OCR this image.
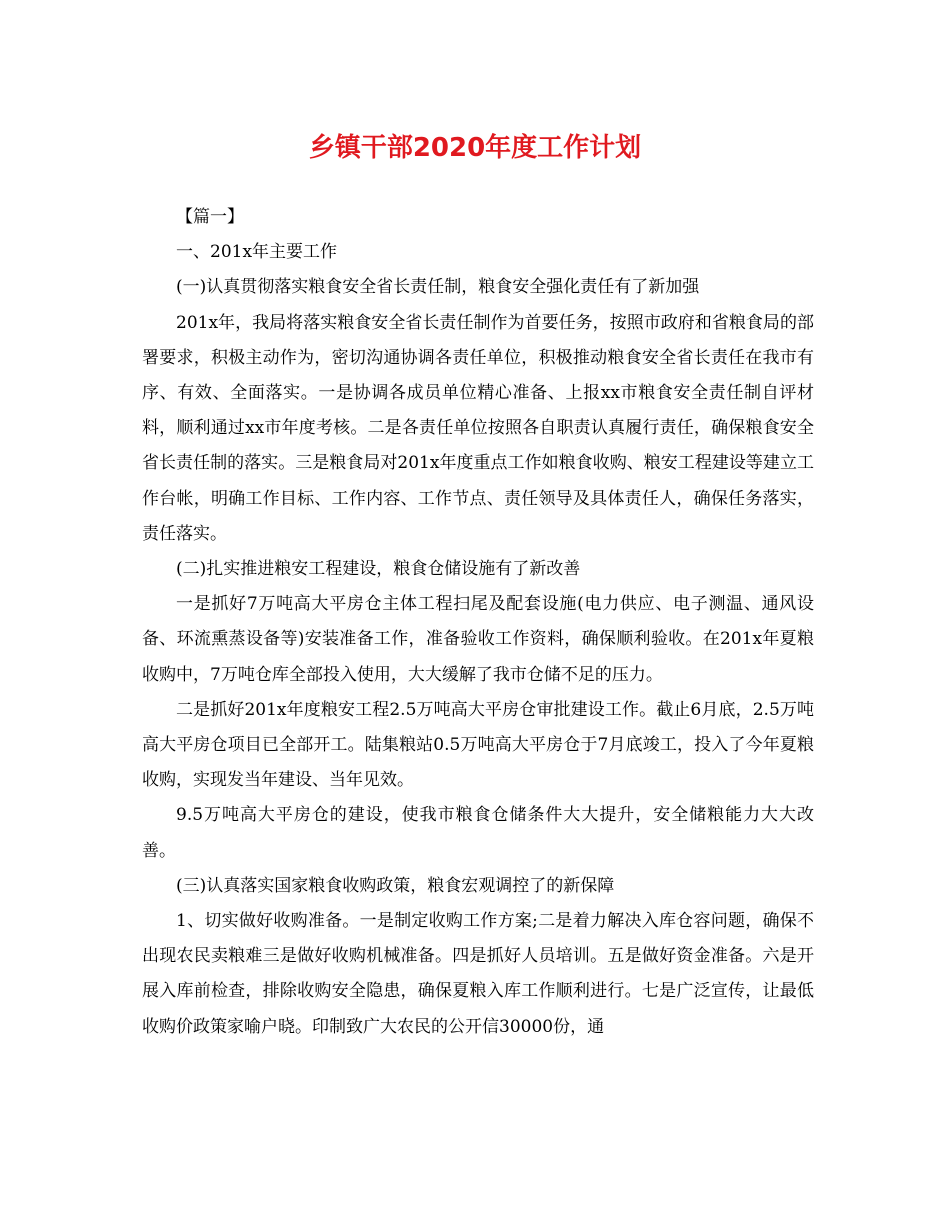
乡镇干部2020年度工作计划

【篇一】

一、201x年主要工作

(一)认真贯彻落实粮食安全省长责任制，粮食安全强化责任有了新加强

201x年，我局将落实粮食安全省长责任制作为首要任务，按照市政府和省粮食局的部署要求，积极主动作为，密切沟通协调各责任单位，积极推动粮食安全省长责任在我市有序、有效、全面落实。一是协调各成员单位精心准备、上报xx市粮食安全责任制自评材料，顺利通过xx市年度考核。二是各责任单位按照各自职责认真履行责任，确保粮食安全省长责任制的落实。三是粮食局对201x年度重点工作如粮食收购、粮安工程建设等建立工作台帐，明确工作目标、工作内容、工作节点、责任领导及具体责任人，确保任务落实，责任落实。

(二)扎实推进粮安工程建设，粮食仓储设施有了新改善

一是抓好7万吨高大平房仓主体工程扫尾及配套设施(电力供应、电子测温、通风设备、环流熏蒸设备等)安装准备工作，准备验收工作资料，确保顺利验收。在201x年夏粮收购中，7万吨仓库全部投入使用，大大缓解了我市仓储不足的压力。

二是抓好201x年度粮安工程2.5万吨高大平房仓审批建设工作。截止6月底，2.5万吨高大平房仓项目已全部开工。陆集粮站0.5万吨高大平房仓于7月底竣工，投入了今年夏粮收购，实现发当年建设、当年见效。

9.5万吨高大平房仓的建设，使我市粮食仓储条件大大提升，安全储粮能力大大改善。

(三)认真落实国家粮食收购政策，粮食宏观调控了的新保障

1、切实做好收购准备。一是制定收购工作方案;二是着力解决入库仓容问题，确保不出现农民卖粮难三是做好收购机械准备。四是抓好人员培训。五是做好资金准备。六是开展入库前检查，排除收购安全隐患，确保夏粮入库工作顺利进行。七是广泛宣传，让最低收购价政策家喻户晓。印制致广大农民的公开信30000份，通
